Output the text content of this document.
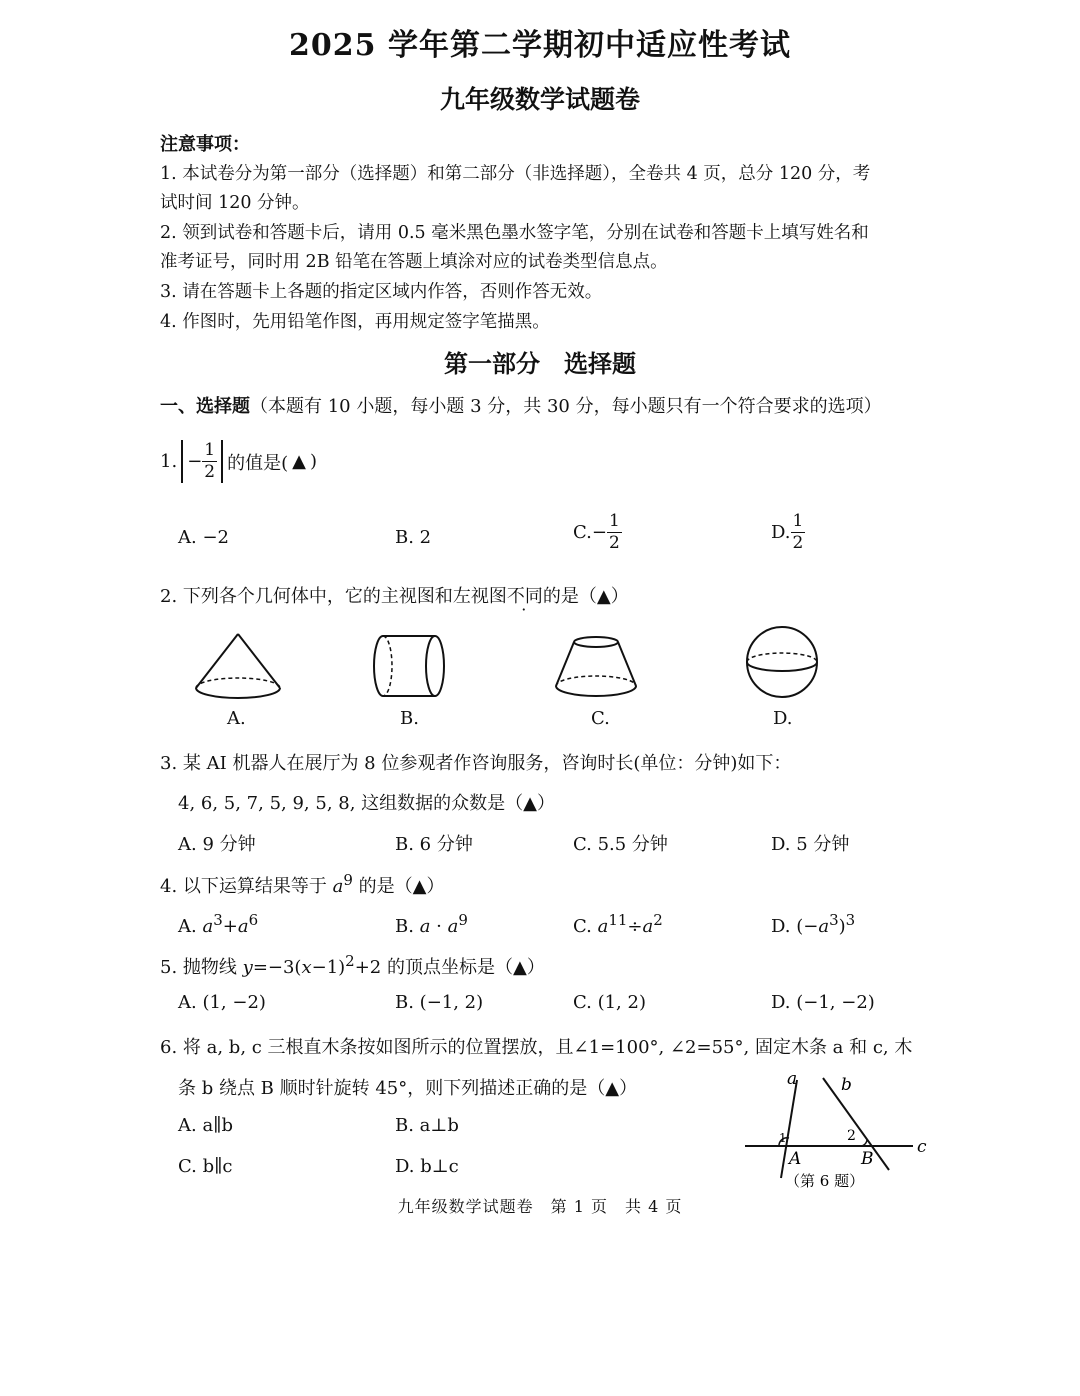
2025 学年第二学期初中适应性考试
九年级数学试题卷
注意事项：
1. 本试卷分为第一部分（选择题）和第二部分（非选择题），全卷共 4 页，总分 120 分，考
试时间 120 分钟。
2. 领到试卷和答题卡后，请用 0.5 毫米黑色墨水签字笔，分别在试卷和答题卡上填写姓名和
准考证号，同时用 2B 铅笔在答题上填涂对应的试卷类型信息点。
3. 请在答题卡上各题的指定区域内作答，否则作答无效。
4. 作图时，先用铅笔作图，再用规定签字笔描黑。
第一部分　选择题
一、选择题（本题有 10 小题，每小题 3 分，共 30 分，每小题只有一个符合要求的选项）
1. − $\frac{1}{2}$ 的值是( ▲ )
A. −2	B. 2	$C.- \frac{1}{2}$	D. $\frac{1}{2}$
2. 下列各个几何体中，它的主视图和左视图不同的是（▲）
A.	B.	C.	D.
3. 某 AI 机器人在展厅为 8 位参观者作咨询服务，咨询时长(单位：分钟)如下：
4, 6, 5, 7, 5, 9, 5, 8, 这组数据的众数是（▲）
A. 9 分钟	B. 6 分钟	C. 5.5 分钟	D. 5 分钟
4. 以下运算结果等于 $a^9$ 的是（▲）
A. $a^3+a^6$	B. $a \cdot a^9$	C. $a^{11}\div a^2$	D. $(-a^3)^3$
5. 抛物线 $y=-3(x-1)^2+2$ 的顶点坐标是（▲）
A. (1, −2)	B. (−1, 2)	C. (1, 2)	D. (−1, −2)
6. 将 a, b, c 三根直木条按如图所示的位置摆放，且∠1=100°, ∠2=55°, 固定木条 a 和 c, 木
条 b 绕点 B 顺时针旋转 45°，则下列描述正确的是（▲）
A. a∥b	B. a⊥b
C. b∥c	D. b⊥c
a	b
c
A	B
1	2
（第 6 题）
九年级数学试题卷　第 1 页　共 4 页
